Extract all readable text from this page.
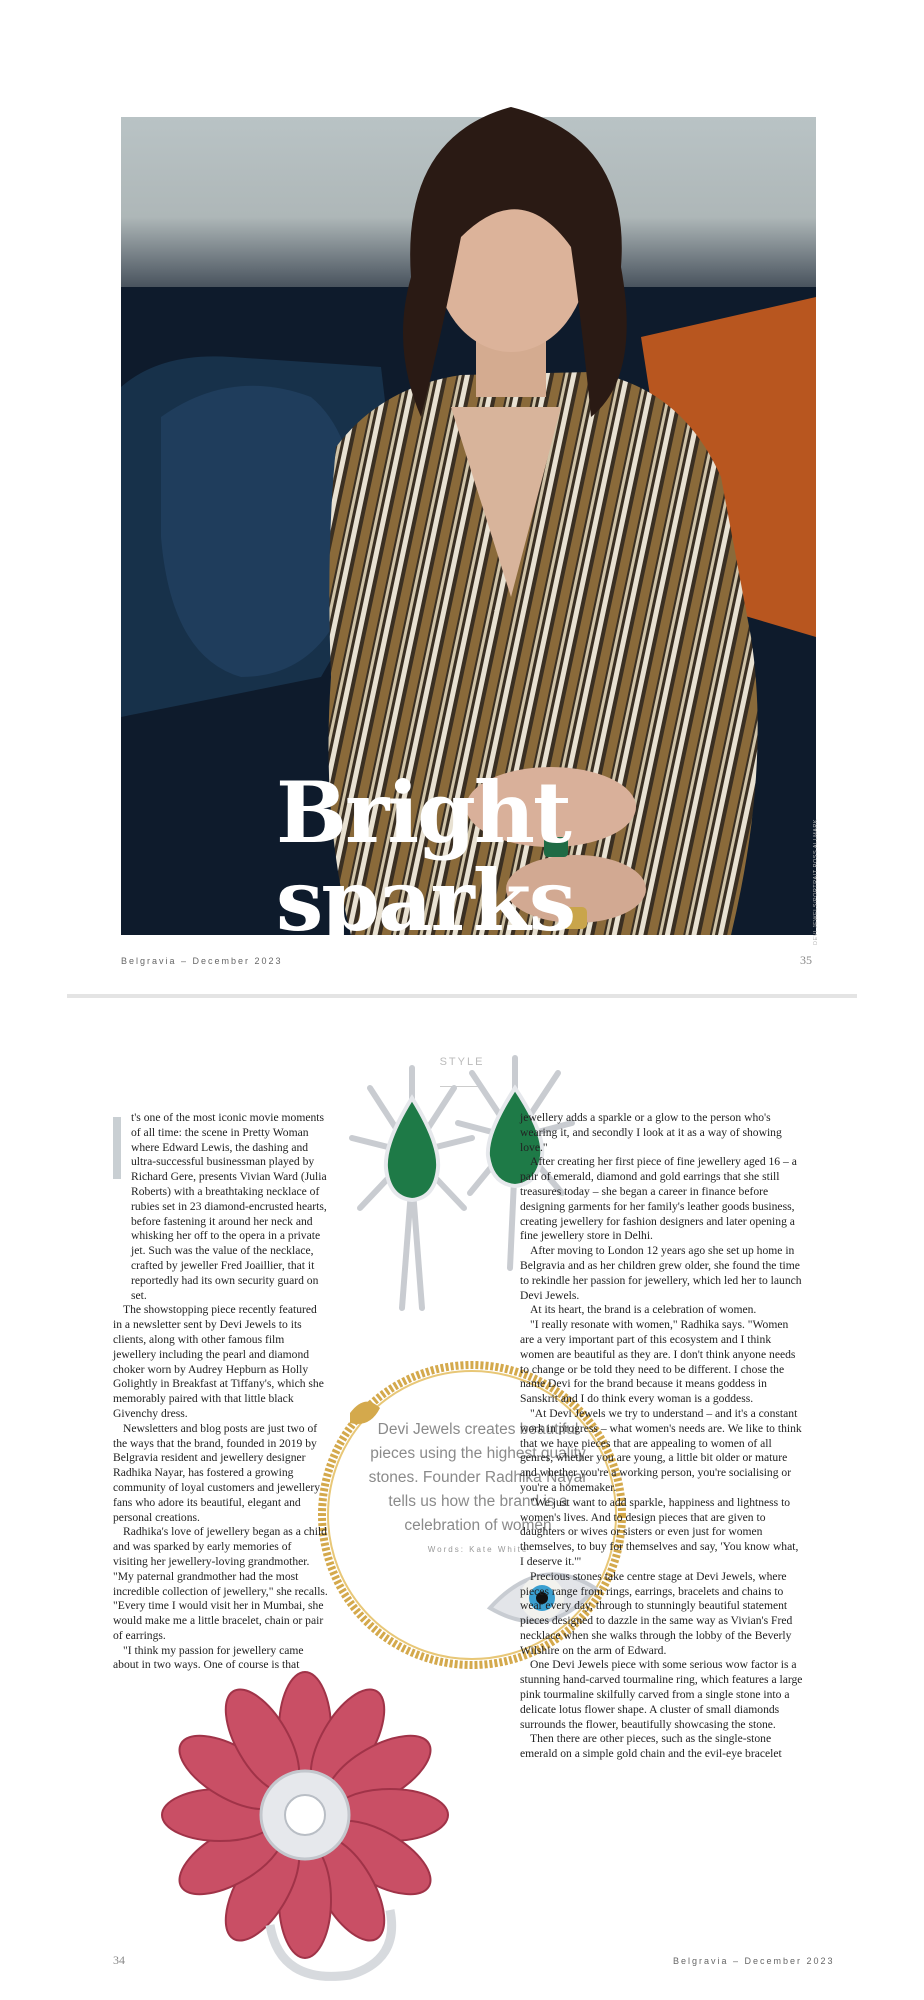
Bright
sparks	DEVI JEWELS/PORTRAIT ROSS ALLMARK
Belgravia – December 2023	35
STYLE
Devi Jewels creates beautiful pieces using the highest quality stones. Founder Radhika Nayar tells us how the brand is a celebration of women
Words: Kate White

t's one of the most iconic movie moments of all time: the scene in Pretty Woman where Edward Lewis, the dashing and ultra-successful businessman played by Richard Gere, presents Vivian Ward (Julia Roberts) with a breathtaking necklace of rubies set in 23 diamond-encrusted hearts, before fastening it around her neck and whisking her off to the opera in a private jet. Such was the value of the necklace, crafted by jeweller Fred Joaillier, that it reportedly had its own security guard on set.

The showstopping piece recently featured in a newsletter sent by Devi Jewels to its clients, along with other famous film jewellery including the pearl and diamond choker worn by Audrey Hepburn as Holly Golightly in Breakfast at Tiffany's, which she memorably paired with that little black Givenchy dress.

Newsletters and blog posts are just two of the ways that the brand, founded in 2019 by Belgravia resident and jewellery designer Radhika Nayar, has fostered a growing community of loyal customers and jewellery fans who adore its beautiful, elegant and personal creations.

Radhika's love of jewellery began as a child and was sparked by early memories of visiting her jewellery-loving grandmother. "My paternal grandmother had the most incredible collection of jewellery," she recalls. "Every time I would visit her in Mumbai, she would make me a little bracelet, chain or pair of earrings.

"I think my passion for jewellery came about in two ways. One of course is that

jewellery adds a sparkle or a glow to the person who's wearing it, and secondly I look at it as a way of showing love."

After creating her first piece of fine jewellery aged 16 – a pair of emerald, diamond and gold earrings that she still treasures today – she began a career in finance before designing garments for her family's leather goods business, creating jewellery for fashion designers and later opening a fine jewellery store in Delhi.

After moving to London 12 years ago she set up home in Belgravia and as her children grew older, she found the time to rekindle her passion for jewellery, which led her to launch Devi Jewels.

At its heart, the brand is a celebration of women.

"I really resonate with women," Radhika says. "Women are a very important part of this ecosystem and I think women are beautiful as they are. I don't think anyone needs to change or be told they need to be different. I chose the name Devi for the brand because it means goddess in Sanskrit and I do think every woman is a goddess.

"At Devi Jewels we try to understand – and it's a constant work in progress – what women's needs are. We like to think that we have pieces that are appealing to women of all genres, whether you are young, a little bit older or mature and whether you're a working person, you're socialising or you're a homemaker.

"We just want to add sparkle, happiness and lightness to women's lives. And to design pieces that are given to daughters or wives or sisters or even just for women themselves, to buy for themselves and say, 'You know what, I deserve it.'"

Precious stones take centre stage at Devi Jewels, where pieces range from rings, earrings, bracelets and chains to wear every day, through to stunningly beautiful statement pieces designed to dazzle in the same way as Vivian's Fred necklace when she walks through the lobby of the Beverly Wilshire on the arm of Edward.

One Devi Jewels piece with some serious wow factor is a stunning hand-carved tourmaline ring, which features a large pink tourmaline skilfully carved from a single stone into a delicate lotus flower shape. A cluster of small diamonds surrounds the flower, beautifully showcasing the stone.

Then there are other pieces, such as the single-stone emerald on a simple gold chain and the evil-eye bracelet

34	Belgravia – December 2023
